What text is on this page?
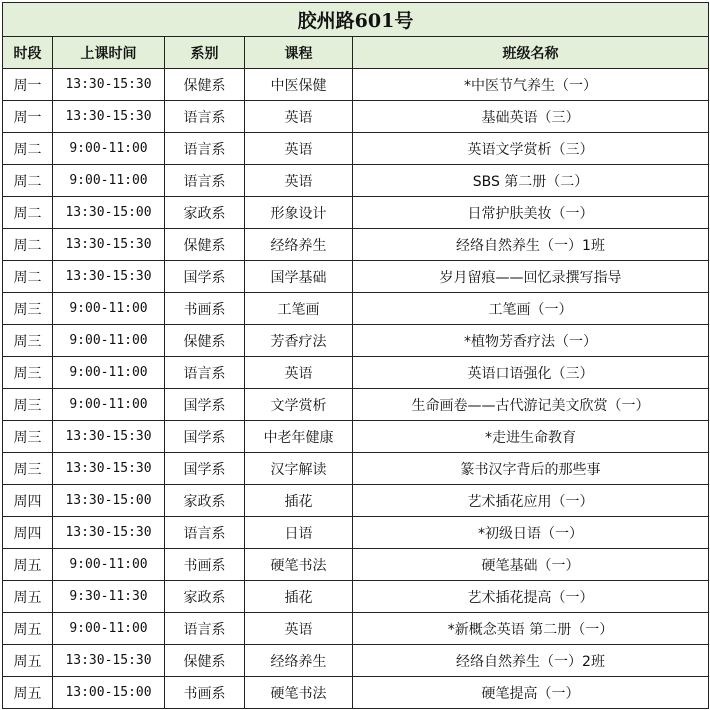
胶州路601号				
时段	上课时间	系别	课程	班级名称
周一	13:30-15:30	保健系	中医保健	*中医节气养生（一）
周一	13:30-15:30	语言系	英语	基础英语（三）
周二	9:00-11:00	语言系	英语	英语文学赏析（三）
周二	9:00-11:00	语言系	英语	SBS 第二册（二）
周二	13:30-15:00	家政系	形象设计	日常护肤美妆（一）
周二	13:30-15:30	保健系	经络养生	经络自然养生（一）1班
周二	13:30-15:30	国学系	国学基础	岁月留痕——回忆录撰写指导
周三	9:00-11:00	书画系	工笔画	工笔画（一）
周三	9:00-11:00	保健系	芳香疗法	*植物芳香疗法（一）
周三	9:00-11:00	语言系	英语	英语口语强化（三）
周三	9:00-11:00	国学系	文学赏析	生命画卷——古代游记美文欣赏（一）
周三	13:30-15:30	国学系	中老年健康	*走进生命教育
周三	13:30-15:30	国学系	汉字解读	篆书汉字背后的那些事
周四	13:30-15:00	家政系	插花	艺术插花应用（一）
周四	13:30-15:30	语言系	日语	*初级日语（一）
周五	9:00-11:00	书画系	硬笔书法	硬笔基础（一）
周五	9:30-11:30	家政系	插花	艺术插花提高（一）
周五	9:00-11:00	语言系	英语	*新概念英语 第二册（一）
周五	13:30-15:30	保健系	经络养生	经络自然养生（一）2班
周五	13:00-15:00	书画系	硬笔书法	硬笔提高（一）
